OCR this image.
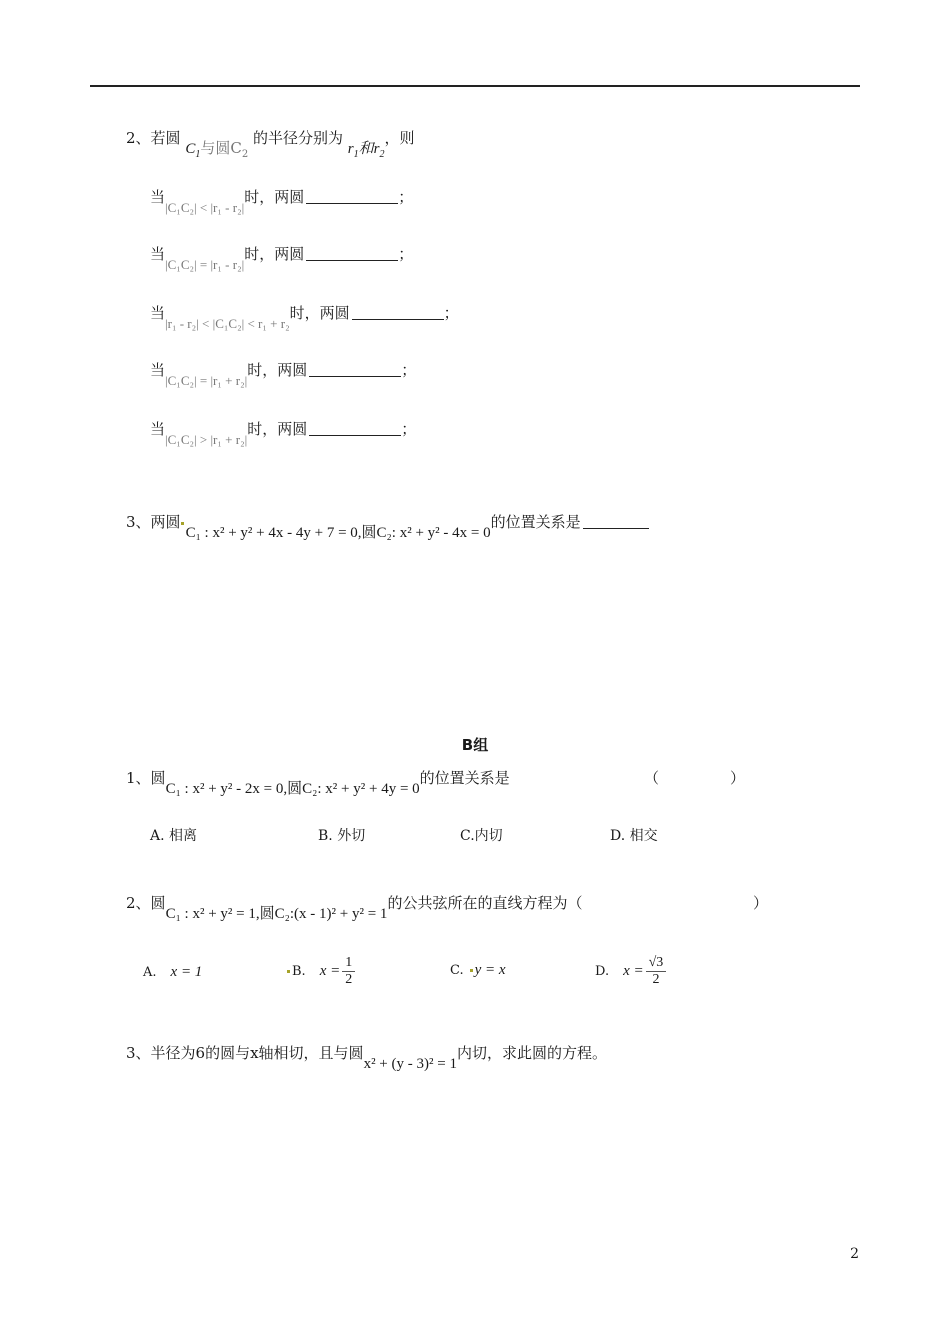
2、若圆 $C_1$与圆$C_2$ 的半径分别为 $r_1$和$r_2$，则
当|C₁C₂| < |r₁ - r₂|时，两圆	；
当|C₁C₂| = |r₁ - r₂|时，两圆	；
当|r₁ - r₂| < |C₁C₂| < r₁ + r₂时，两圆	；
当|C₁C₂| = |r₁ + r₂|时，两圆	；
当|C₁C₂| > |r₁ + r₂|时，两圆	；
3、两圆C₁ : x² + y² + 4x - 4y + 7 = 0,圆C₂: x² + y² - 4x = 0的位置关系是
B组
1、圆C₁ : x² + y² - 2x = 0,圆C₂: x² + y² + 4y = 0的位置关系是	（	）
A. 相离	B. 外切	C.内切	D. 相交
2、圆C₁ : x² + y² = 1,圆C₂:(x - 1)² + y² = 1的公共弦所在的直线方程为（	）
A. x = 1	B. $x = \frac{1}{2}$	C. y = x	D. $x = \frac{√3}{2}$
3、半径为6的圆与x轴相切，且与圆x² + (y - 3)² = 1内切，求此圆的方程。
2
